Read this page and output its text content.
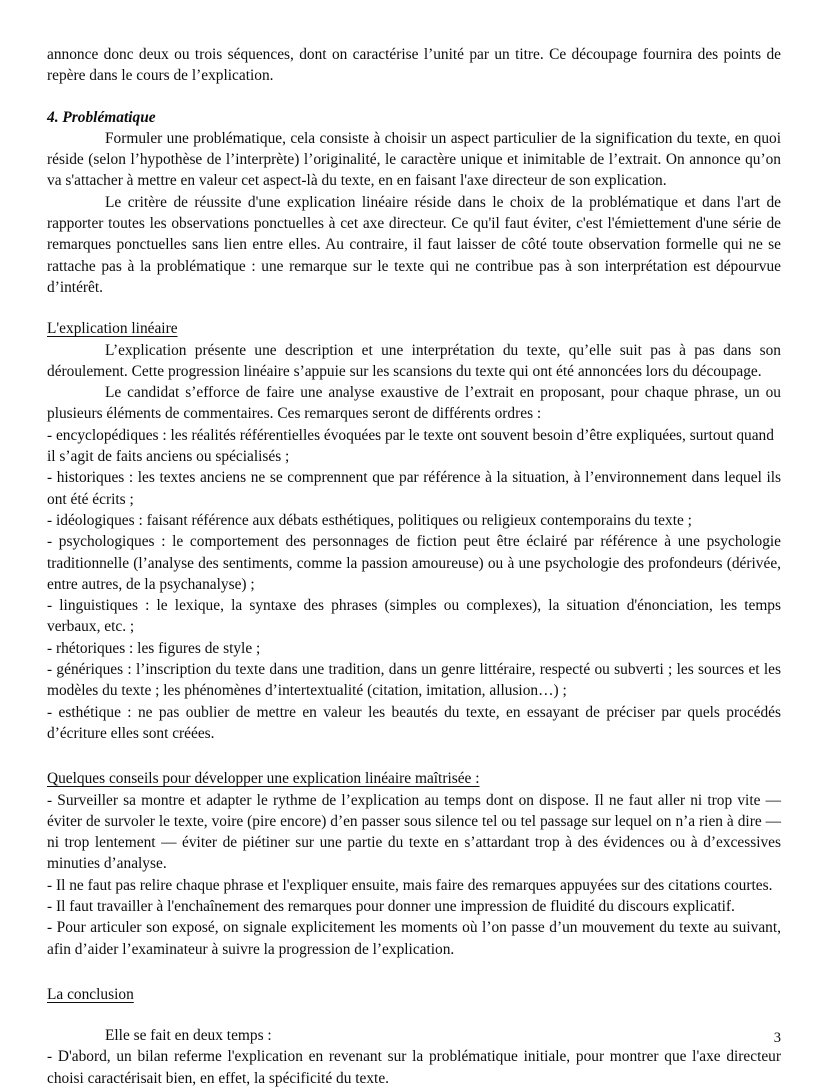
annonce donc deux ou trois séquences, dont on caractérise l’unité par un titre. Ce découpage fournira des points de repère dans le cours de l’explication.

4. Problématique

Formuler une problématique, cela consiste à choisir un aspect particulier de la signification du texte, en quoi réside (selon l’hypothèse de l’interprète) l’originalité, le caractère unique et inimitable de l’extrait. On annonce qu’on va s'attacher à mettre en valeur cet aspect-là du texte, en en faisant l'axe directeur de son explication.

Le critère de réussite d'une explication linéaire réside dans le choix de la problématique et dans l'art de rapporter toutes les observations ponctuelles à cet axe directeur. Ce qu'il faut éviter, c'est l'émiettement d'une série de remarques ponctuelles sans lien entre elles. Au contraire, il faut laisser de côté toute observation formelle qui ne se rattache pas à la problématique : une remarque sur le texte qui ne contribue pas à son interprétation est dépourvue d’intérêt.

L'explication linéaire

L’explication présente une description et une interprétation du texte, qu’elle suit pas à pas dans son déroulement. Cette progression linéaire s’appuie sur les scansions du texte qui ont été annoncées lors du découpage.

Le candidat s’efforce de faire une analyse exaustive de l’extrait en proposant, pour chaque phrase, un ou plusieurs éléments de commentaires. Ces remarques seront de différents ordres :

- encyclopédiques : les réalités référentielles évoquées par le texte ont souvent besoin d’être expliquées, surtout quand il s’agit de faits anciens ou spécialisés ;

- historiques : les textes anciens ne se comprennent que par référence à la situation, à l’environnement dans lequel ils ont été écrits ;

- idéologiques : faisant référence aux débats esthétiques, politiques ou religieux contemporains du texte ;

- psychologiques : le comportement des personnages de fiction peut être éclairé par référence à une psychologie traditionnelle (l’analyse des sentiments, comme la passion amoureuse) ou à une psychologie des profondeurs (dérivée, entre autres, de la psychanalyse) ;

- linguistiques : le lexique, la syntaxe des phrases (simples ou complexes), la situation d'énonciation, les temps verbaux, etc. ;

- rhétoriques : les figures de style ;

- génériques : l’inscription du texte dans une tradition, dans un genre littéraire, respecté ou subverti ; les sources et les modèles du texte ; les phénomènes d’intertextualité (citation, imitation, allusion…) ;

- esthétique : ne pas oublier de mettre en valeur les beautés du texte, en essayant de préciser par quels procédés d’écriture elles sont créées.

Quelques conseils pour développer une explication linéaire maîtrisée :

- Surveiller sa montre et adapter le rythme de l’explication au temps dont on dispose. Il ne faut aller ni trop vite — éviter de survoler le texte, voire (pire encore) d’en passer sous silence tel ou tel passage sur lequel on n’a rien à dire — ni trop lentement — éviter de piétiner sur une partie du texte en s’attardant trop à des évidences ou à d’excessives minuties d’analyse.

- Il ne faut pas relire chaque phrase et l'expliquer ensuite, mais faire des remarques appuyées sur des citations courtes.

- Il faut travailler à l'enchaînement des remarques pour donner une impression de fluidité du discours explicatif.

- Pour articuler son exposé, on signale explicitement les moments où l’on passe d’un mouvement du texte au suivant, afin d’aider l’examinateur à suivre la progression de l’explication.

La conclusion

Elle se fait en deux temps :

- D'abord, un bilan referme l'explication en revenant sur la problématique initiale, pour montrer que l'axe directeur choisi caractérisait bien, en effet, la spécificité du texte.

3
